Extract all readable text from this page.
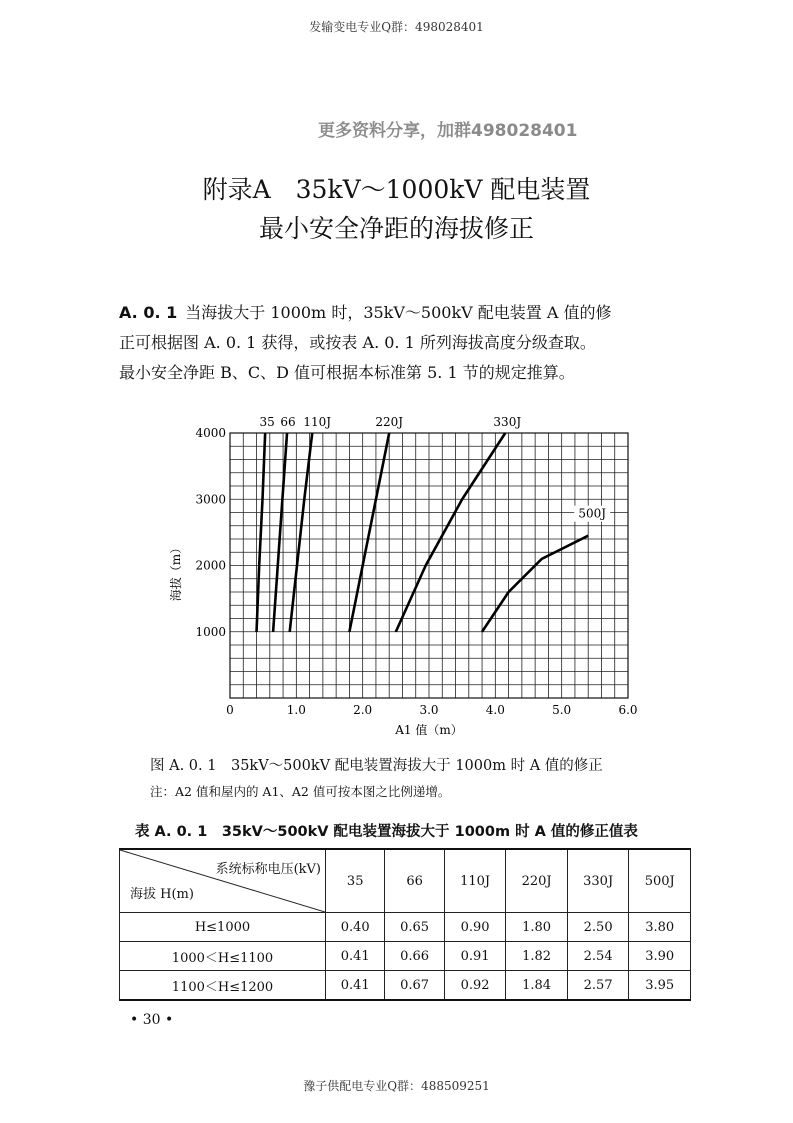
发输变电专业Q群：498028401
更多资料分享，加群498028401
附录A　35kV～1000kV 配电装置
最小安全净距的海拔修正

A. 0. 1 当海拔大于 1000m 时，35kV～500kV 配电装置 A 值的修

正可根据图 A. 0. 1 获得，或按表 A. 0. 1 所列海拔高度分级查取。

最小安全净距 B、C、D 值可根据本标准第 5. 1 节的规定推算。

0	1.0	2.0	3.0	4.0	5.0	6.0
1000
2000
3000
4000
35 66 110J	220J	330J
500J
A1 值（m）
海拔（m）
图 A. 0. 1　35kV～500kV 配电装置海拔大于 1000m 时 A 值的修正
注：A2 值和屋内的 A1、A2 值可按本图之比例递增。
表 A. 0. 1　35kV～500kV 配电装置海拔大于 1000m 时 A 值的修正值表
系统标称电压(kV)
海拔 H(m)	35	66	110J	220J	330J	500J
H≤1000	0.40	0.65	0.90	1.80	2.50	3.80
1000＜H≤1100	0.41	0.66	0.91	1.82	2.54	3.90
1100＜H≤1200	0.41	0.67	0.92	1.84	2.57	3.95
• 30 •
豫子供配电专业Q群：488509251
